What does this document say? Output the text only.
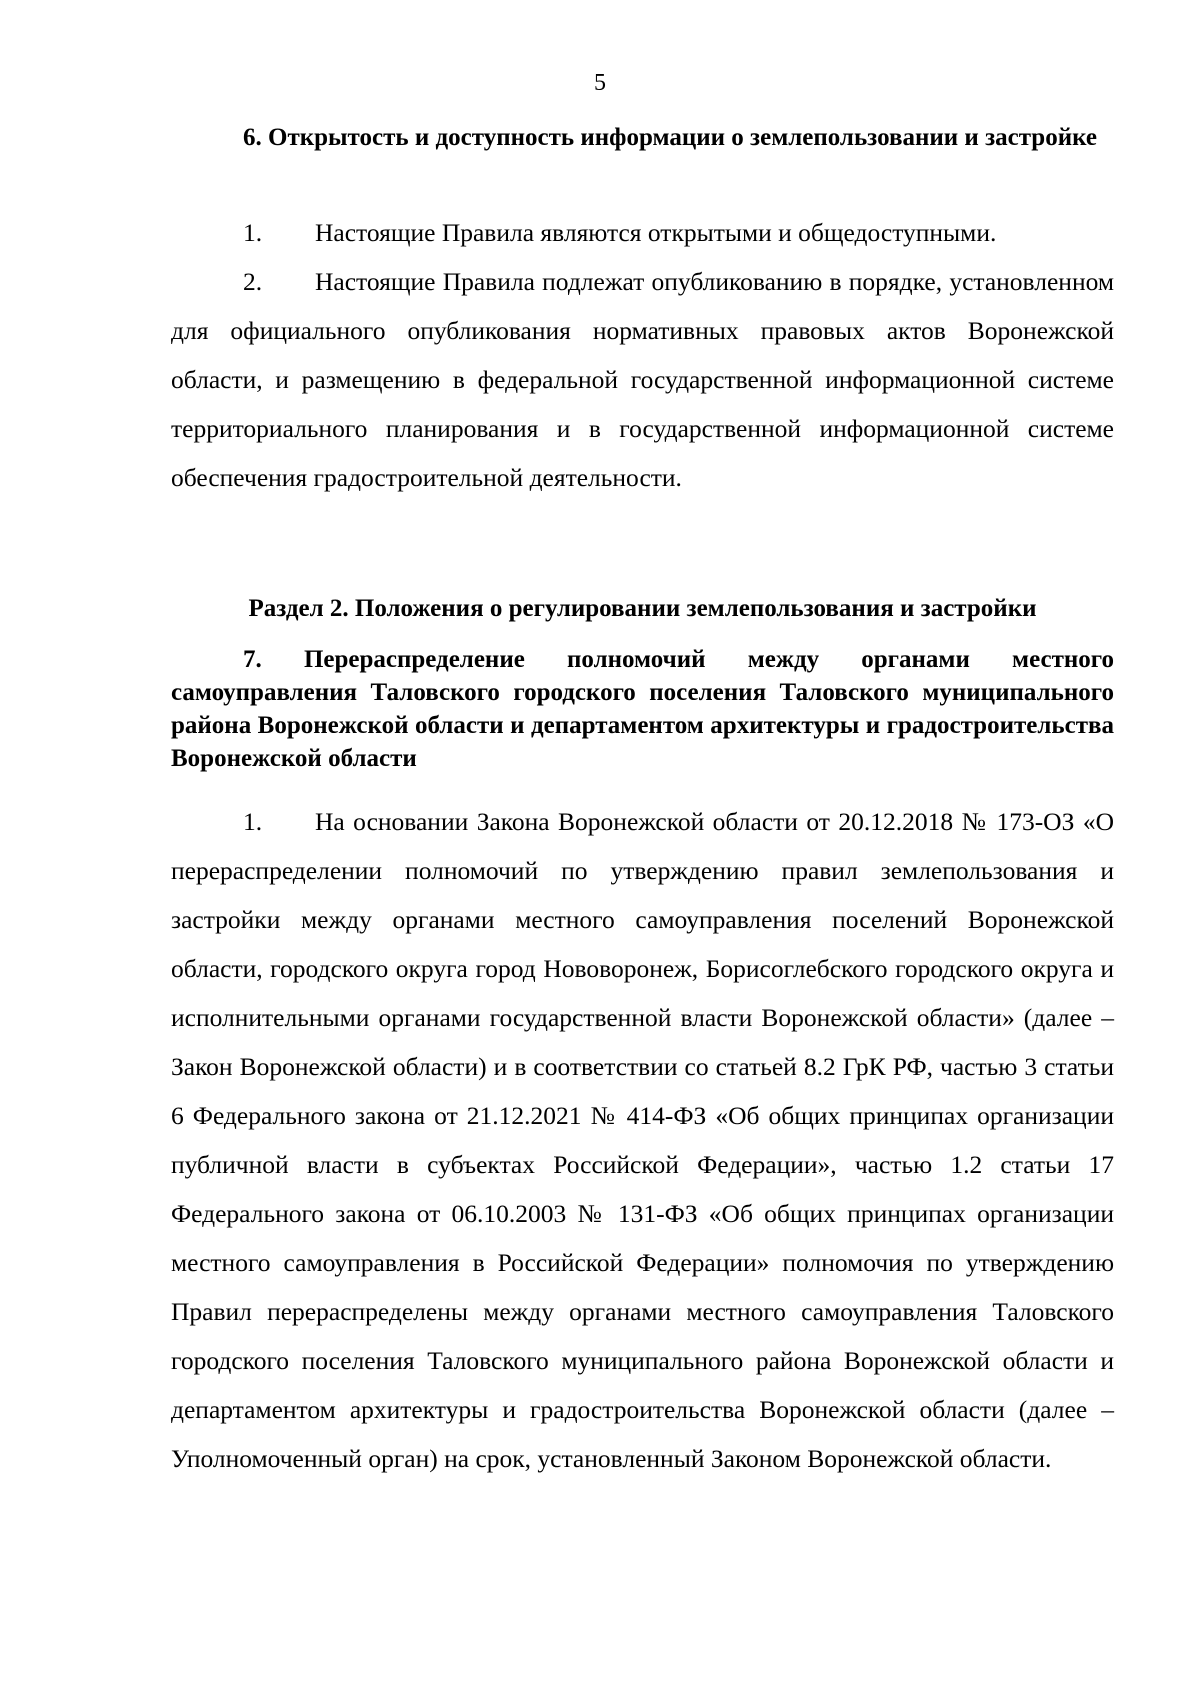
5

6. Открытость и доступность информации о землепользовании и застройке

1. Настоящие Правила являются открытыми и общедоступными.

2. Настоящие Правила подлежат опубликованию в порядке, установленном для официального опубликования нормативных правовых актов Воронежской области, и размещению в федеральной государственной информационной системе территориального планирования и в государственной информационной системе обеспечения градостроительной деятельности.

Раздел 2. Положения о регулировании землепользования и застройки

7. Перераспределение полномочий между органами местного самоуправления Таловского городского поселения Таловского муниципального района Воронежской области и департаментом архитектуры и градостроительства Воронежской области

1. На основании Закона Воронежской области от 20.12.2018 № 173-ОЗ «О перераспределении полномочий по утверждению правил землепользования и застройки между органами местного самоуправления поселений Воронежской области, городского округа город Нововоронеж, Борисоглебского городского округа и исполнительными органами государственной власти Воронежской области» (далее – Закон Воронежской области) и в соответствии со статьей 8.2 ГрК РФ, частью 3 статьи 6 Федерального закона от 21.12.2021 № 414-ФЗ «Об общих принципах организации публичной власти в субъектах Российской Федерации», частью 1.2 статьи 17 Федерального закона от 06.10.2003 № 131-ФЗ «Об общих принципах организации местного самоуправления в Российской Федерации» полномочия по утверждению Правил перераспределены между органами местного самоуправления Таловского городского поселения Таловского муниципального района Воронежской области и департаментом архитектуры и градостроительства Воронежской области (далее – Уполномоченный орган) на срок, установленный Законом Воронежской области.
